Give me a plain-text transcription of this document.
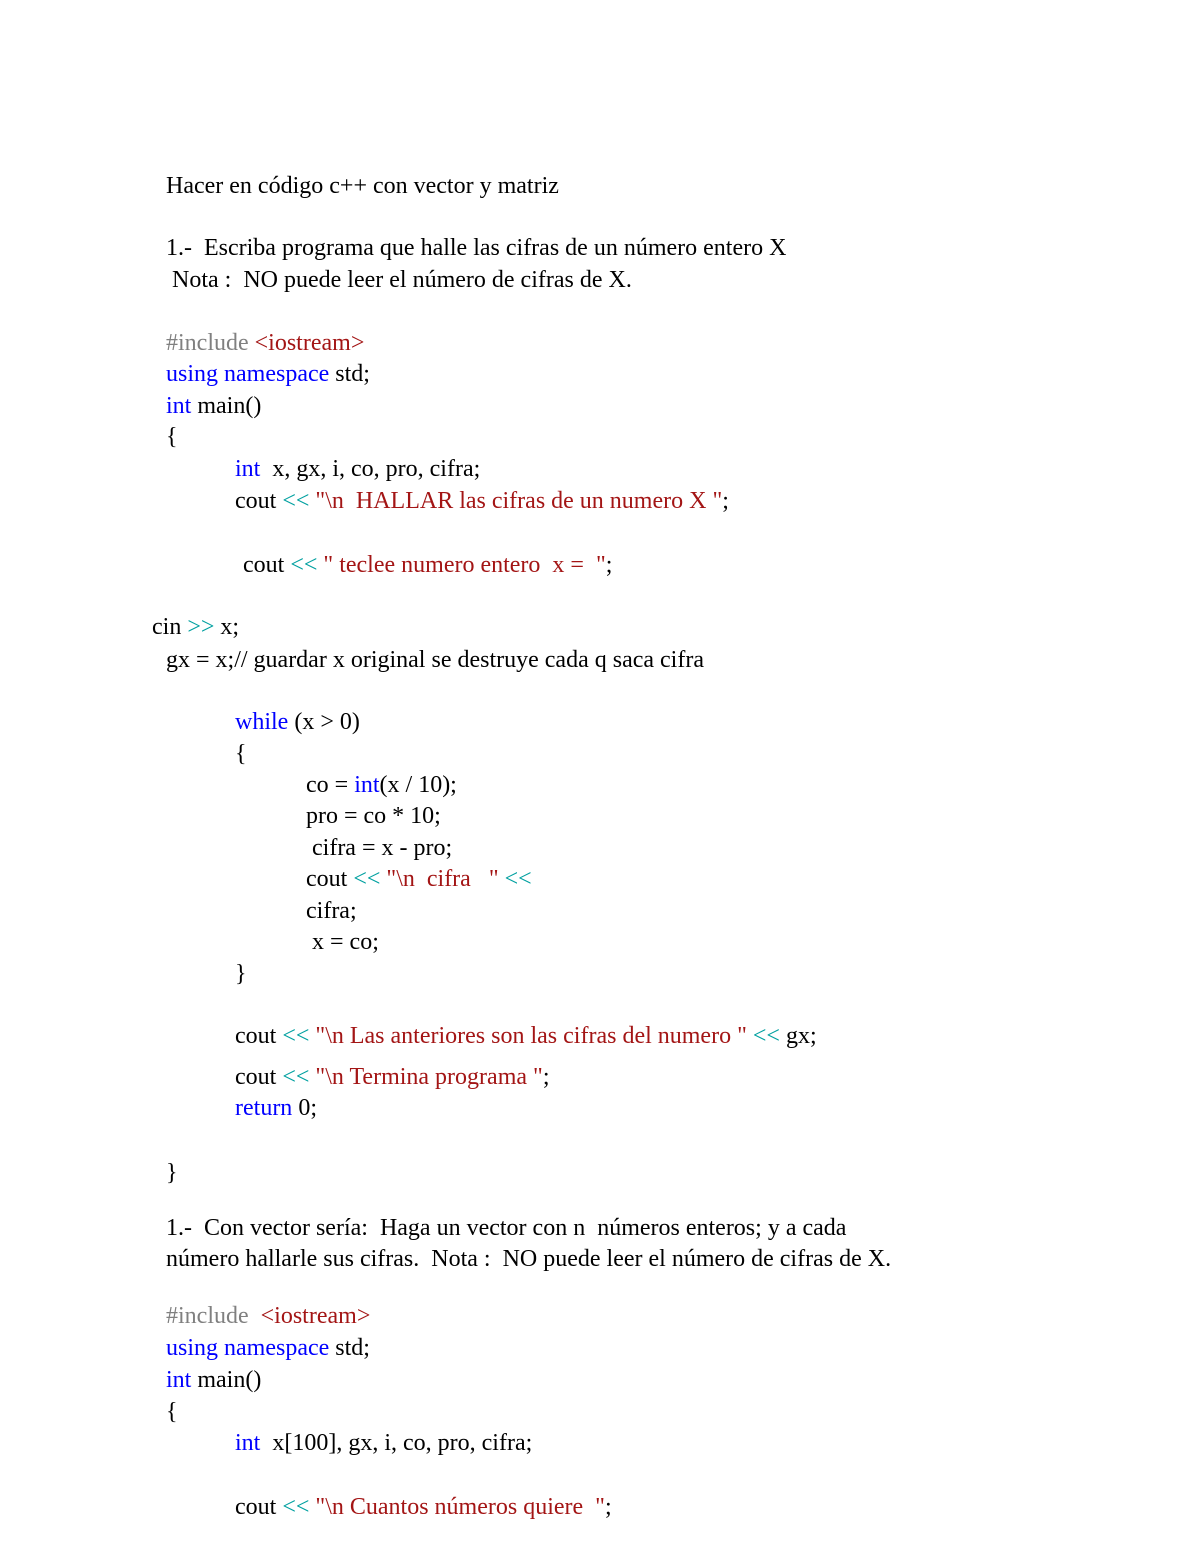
Hacer en código c++ con vector y matriz
1.-  Escriba programa que halle las cifras de un número entero X
Nota :  NO puede leer el número de cifras de X.
#include <iostream>
using namespace std;
int main()
{
int  x, gx, i, co, pro, cifra;
cout << "\n  HALLAR las cifras de un numero X ";
cout << " teclee numero entero  x =  ";
cin >> x;
gx = x;// guardar x original se destruye cada q saca cifra
while (x > 0)
{
co = int(x / 10);
pro = co * 10;
cifra = x - pro;
cout << "\n  cifra   " <<
cifra;
x = co;
}
cout << "\n Las anteriores son las cifras del numero " << gx;
cout << "\n Termina programa ";
return 0;
}
1.-  Con vector sería:  Haga un vector con n  números enteros; y a cada
número hallarle sus cifras.  Nota :  NO puede leer el número de cifras de X.
#include  <iostream>
using namespace std;
int main()
{
int  x[100], gx, i, co, pro, cifra;
cout << "\n Cuantos números quiere  ";
